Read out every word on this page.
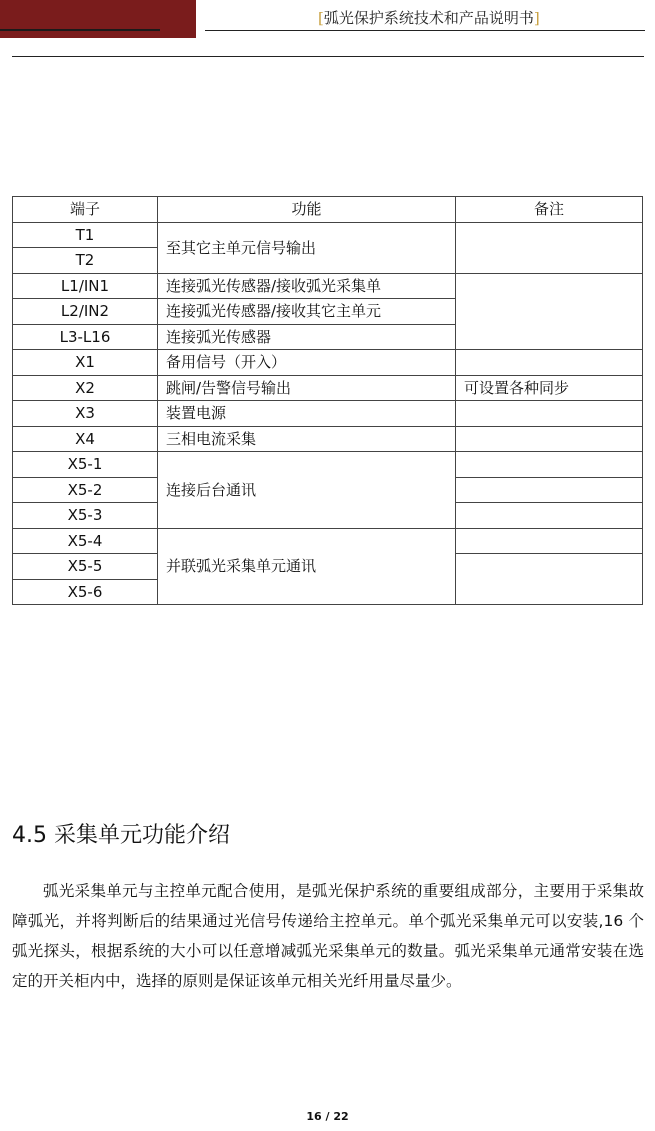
[弧光保护系统技术和产品说明书]
端子	功能	备注
T1	至其它主单元信号输出	
T2		
L1/IN1	连接弧光传感器/接收弧光采集单	
L2/IN2	连接弧光传感器/接收其它主单元	
L3-L16	连接弧光传感器	
X1	备用信号（开入）	
X2	跳闸/告警信号输出	可设置各种同步
X3	装置电源	
X4	三相电流采集	
X5-1	连接后台通讯	
X5-2		
X5-3		
X5-4	并联弧光采集单元通讯	
X5-5		
X5-6		
4.5 采集单元功能介绍

弧光采集单元与主控单元配合使用，是弧光保护系统的重要组成部分，主要用于采集故障弧光，并将判断后的结果通过光信号传递给主控单元。单个弧光采集单元可以安装,16 个弧光探头，根据系统的大小可以任意增减弧光采集单元的数量。弧光采集单元通常安装在选定的开关柜内中，选择的原则是保证该单元相关光纤用量尽量少。

16 / 22
